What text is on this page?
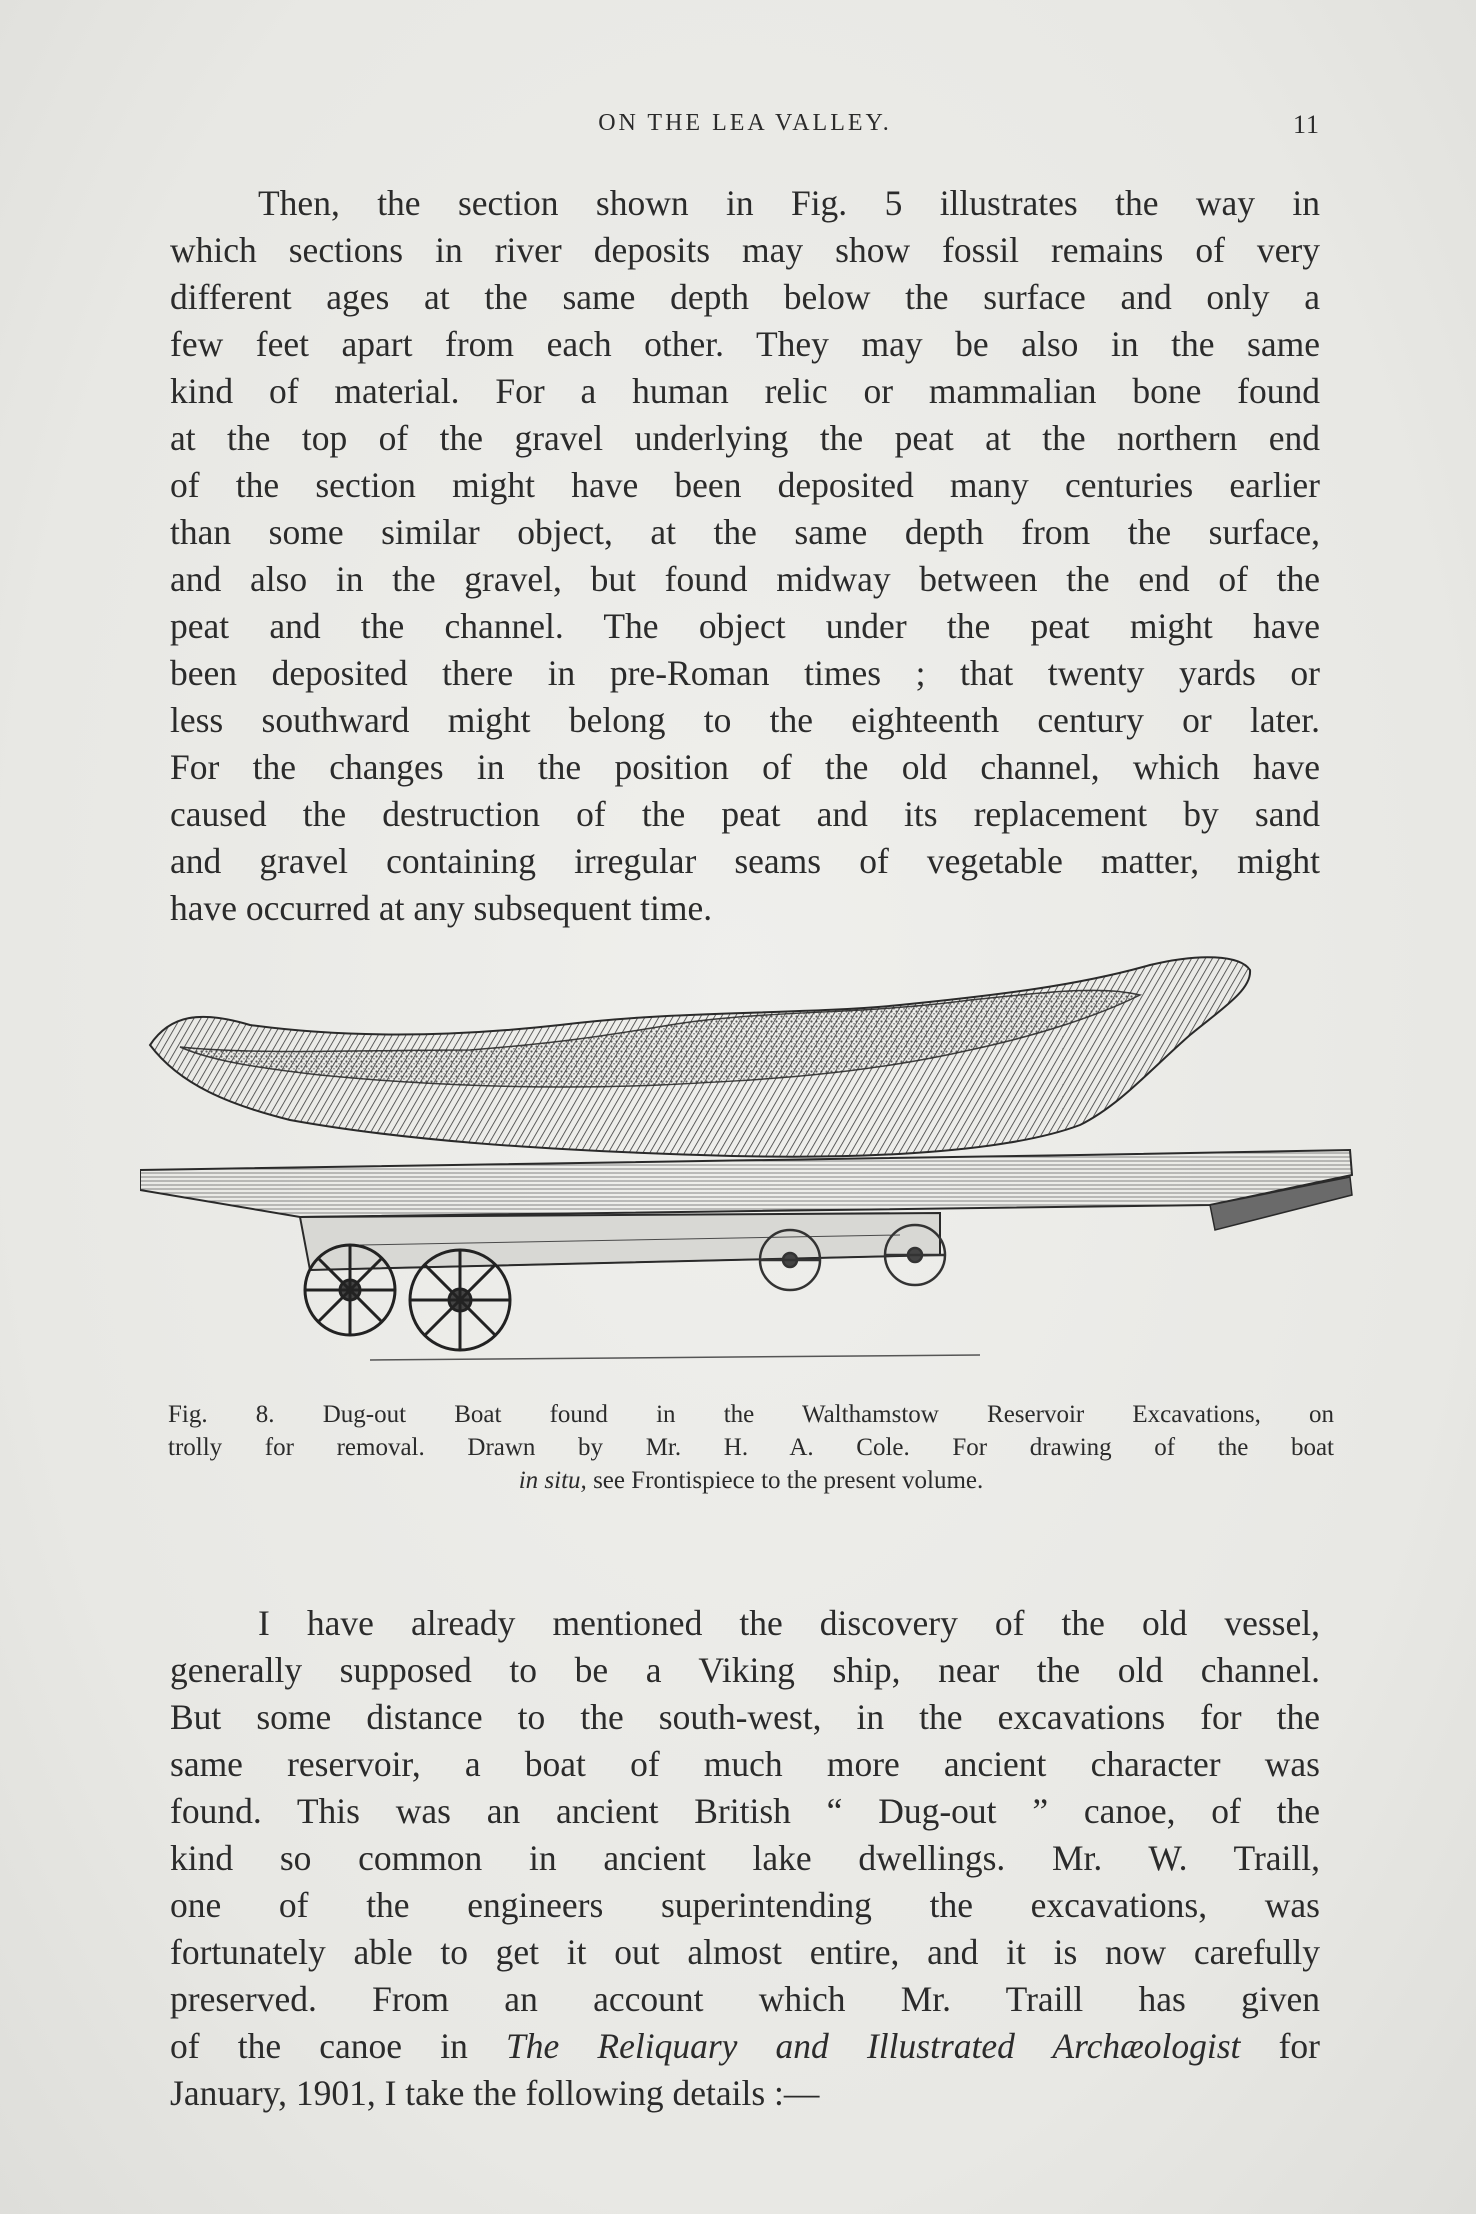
ON THE LEA VALLEY.	11
Then, the section shown in Fig. 5 illustrates the way in
which sections in river deposits may show fossil remains of very
different ages at the same depth below the surface and only a
few feet apart from each other. They may be also in the same
kind of material. For a human relic or mammalian bone found
at the top of the gravel underlying the peat at the northern end
of the section might have been deposited many centuries earlier
than some similar object, at the same depth from the surface,
and also in the gravel, but found midway between the end of the
peat and the channel. The object under the peat might have
been deposited there in pre-Roman times ; that twenty yards or
less southward might belong to the eighteenth century or later.
For the changes in the position of the old channel, which have
caused the destruction of the peat and its replacement by sand
and gravel containing irregular seams of vegetable matter, might
have occurred at any subsequent time.
Fig. 8. Dug-out Boat found in the Walthamstow Reservoir Excavations, on
trolly for removal. Drawn by Mr. H. A. Cole. For drawing of the boat
in situ, see Frontispiece to the present volume.
I have already mentioned the discovery of the old vessel,
generally supposed to be a Viking ship, near the old channel.
But some distance to the south-west, in the excavations for the
same reservoir, a boat of much more ancient character was
found. This was an ancient British “ Dug-out ” canoe, of the
kind so common in ancient lake dwellings. Mr. W. Traill,
one of the engineers superintending the excavations, was
fortunately able to get it out almost entire, and it is now carefully
preserved. From an account which Mr. Traill has given
of the canoe in The Reliquary and Illustrated Archæologist for
January, 1901, I take the following details :—
